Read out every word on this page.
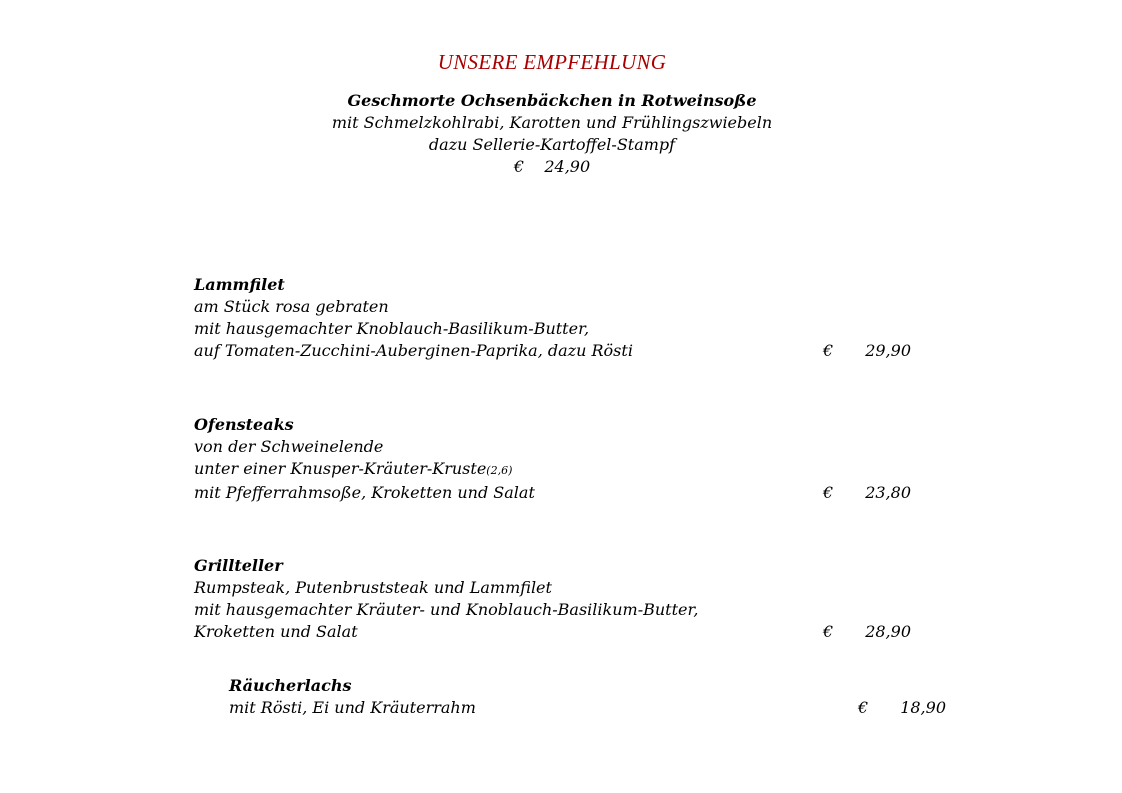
UNSERE EMPFEHLUNG
Geschmorte Ochsenbäckchen in Rotweinsoße
mit Schmelzkohlrabi, Karotten und Frühlingszwiebeln
dazu Sellerie-Kartoffel-Stampf
€ 24,90
Lammfilet
am Stück rosa gebraten
mit hausgemachter Knoblauch-Basilikum-Butter,
auf Tomaten-Zucchini-Auberginen-Paprika, dazu Rösti	€ 29,90
Ofensteaks
von der Schweinelende
unter einer Knusper-Kräuter-Kruste(2,6)
mit Pfefferrahmsoße, Kroketten und Salat	€ 23,80
Grillteller
Rumpsteak, Putenbruststeak und Lammfilet
mit hausgemachter Kräuter- und Knoblauch-Basilikum-Butter,
Kroketten und Salat	€ 28,90
Räucherlachs
mit Rösti, Ei und Kräuterrahm	€ 18,90
